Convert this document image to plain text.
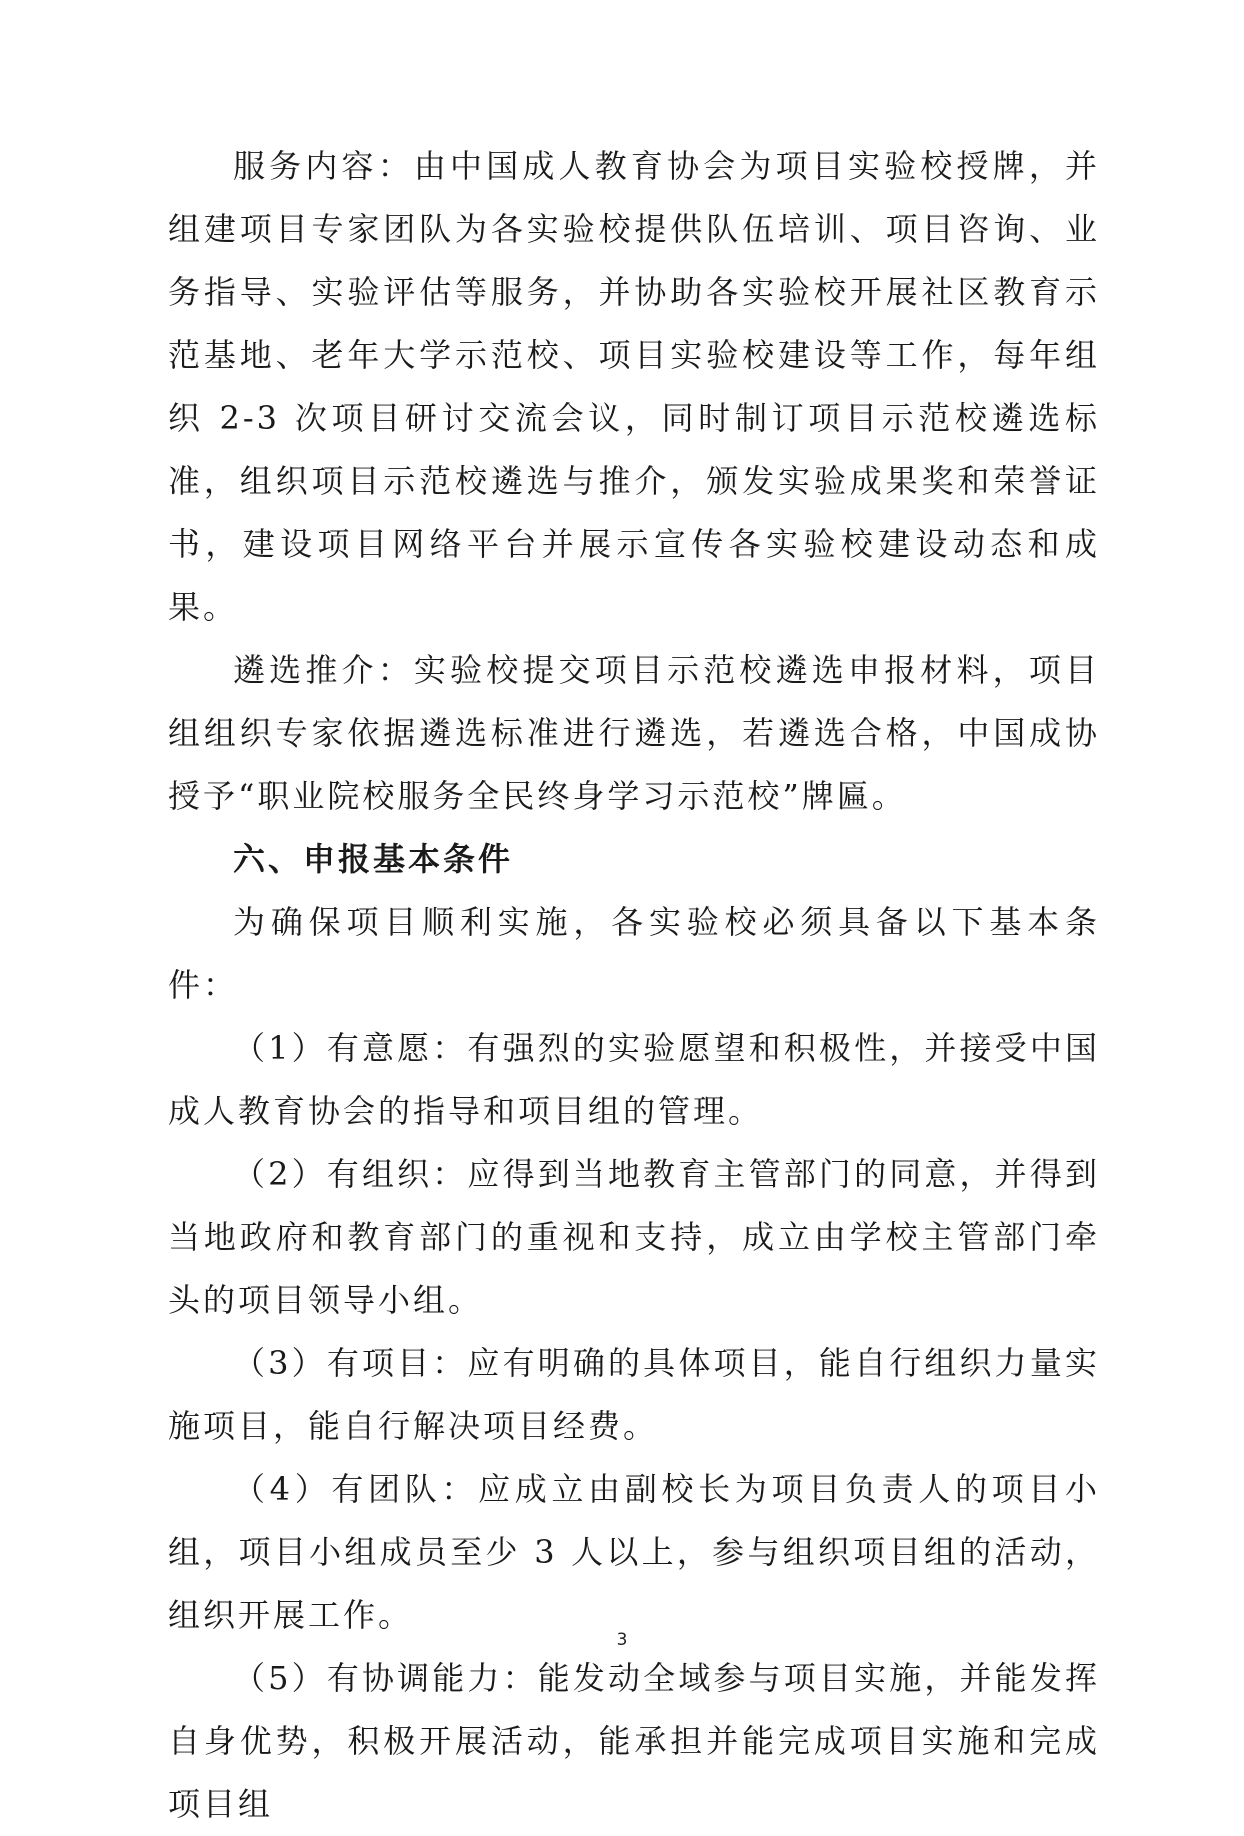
服务内容：由中国成人教育协会为项目实验校授牌，并组建项目专家团队为各实验校提供队伍培训、项目咨询、业务指导、实验评估等服务，并协助各实验校开展社区教育示范基地、老年大学示范校、项目实验校建设等工作，每年组织 2-3 次项目研讨交流会议，同时制订项目示范校遴选标准，组织项目示范校遴选与推介，颁发实验成果奖和荣誉证书，建设项目网络平台并展示宣传各实验校建设动态和成果。

遴选推介：实验校提交项目示范校遴选申报材料，项目组组织专家依据遴选标准进行遴选，若遴选合格，中国成协授予“职业院校服务全民终身学习示范校”牌匾。

六、申报基本条件

为确保项目顺利实施，各实验校必须具备以下基本条件：

（1）有意愿：有强烈的实验愿望和积极性，并接受中国成人教育协会的指导和项目组的管理。

（2）有组织：应得到当地教育主管部门的同意，并得到当地政府和教育部门的重视和支持，成立由学校主管部门牵头的项目领导小组。

（3）有项目：应有明确的具体项目，能自行组织力量实施项目，能自行解决项目经费。

（4）有团队：应成立由副校长为项目负责人的项目小组，项目小组成员至少 3 人以上，参与组织项目组的活动，组织开展工作。

（5）有协调能力：能发动全域参与项目实施，并能发挥自身优势，积极开展活动，能承担并能完成项目实施和完成项目组

3
